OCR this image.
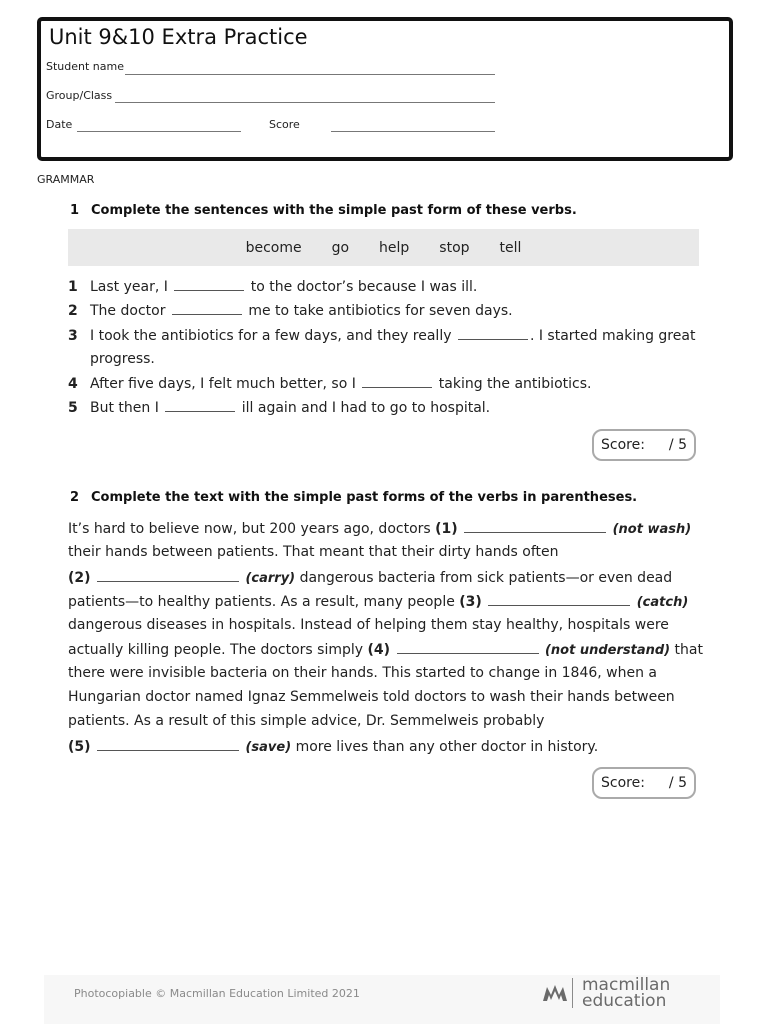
Unit 9&10 Extra Practice
Student name
Group/Class
Date	Score
GRAMMAR
1 Complete the sentences with the simple past form of these verbs.
become go help stop tell
1 Last year, I	to the doctor’s because I was ill.
2 The doctor	me to take antibiotics for seven days.
3 I took the antibiotics for a few days, and they really	. I started making great
progress.
4 After five days, I felt much better, so I	taking the antibiotics.
5 But then I	ill again and I had to go to hospital.
Score: / 5
2 Complete the text with the simple past forms of the verbs in parentheses.
It’s hard to believe now, but 200 years ago, doctors (1)	(not wash)
their hands between patients. That meant that their dirty hands often
(2)	(carry) dangerous bacteria from sick patients—or even dead
patients—to healthy patients. As a result, many people (3)	(catch)
dangerous diseases in hospitals. Instead of helping them stay healthy, hospitals were
actually killing people. The doctors simply (4)	(not understand) that
there were invisible bacteria on their hands. This started to change in 1846, when a
Hungarian doctor named Ignaz Semmelweis told doctors to wash their hands between
patients. As a result of this simple advice, Dr. Semmelweis probably
(5)	(save) more lives than any other doctor in history.
Score: / 5
Photocopiable © Macmillan Education Limited 2021	macmillan
education
